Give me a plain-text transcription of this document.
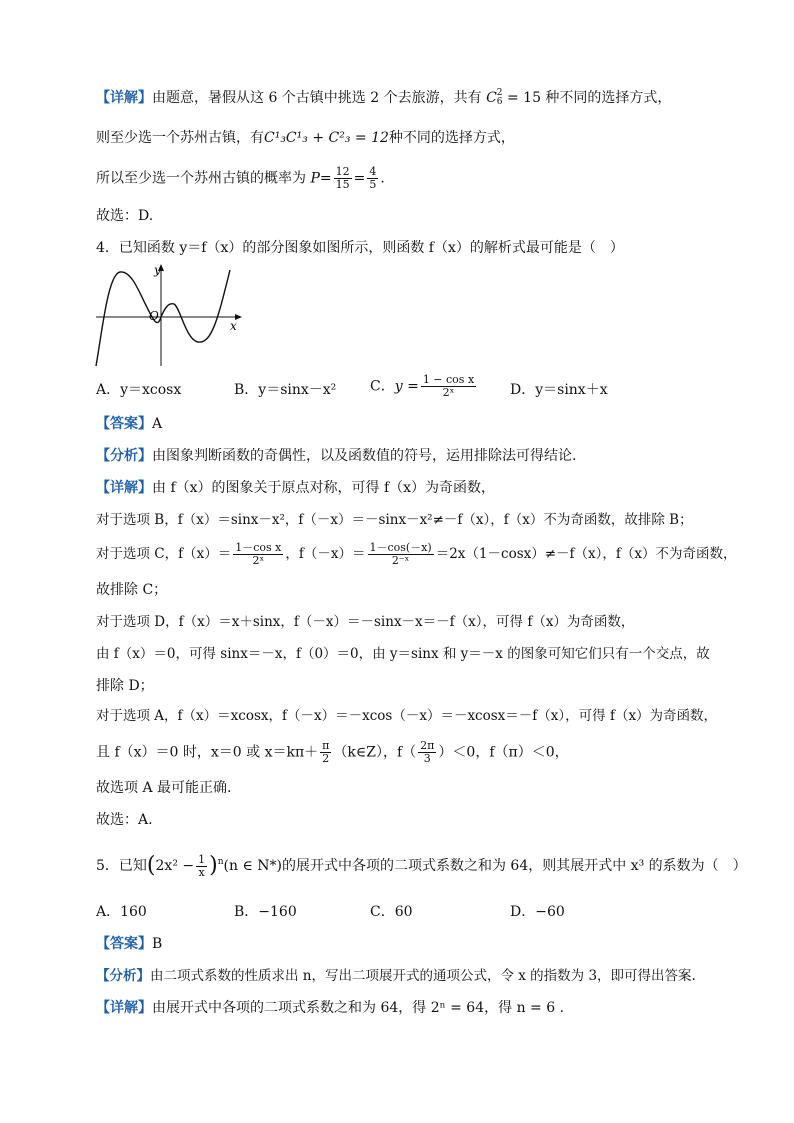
【详解】由题意，暑假从这 6 个古镇中挑选 2 个去旅游，共有 C 2
6 = 15 种不同的选择方式，
则至少选一个苏州古镇，有C¹₃C¹₃ + C²₃ = 12种不同的选择方式，
所以至少选一个苏州古镇的概率为 $P= \frac{12}{15} = \frac{4}{5}$ .
故选：D.
4．已知函数 y＝f（x）的部分图象如图所示，则函数 f（x）的解析式最可能是（　）
y
x
O
A．y＝xcosx	B．y＝sinx－x² C．$y = \frac{\text{1 − cos x}}{\text{2ˣ}}$ D．y＝sinx＋x
【答案】A
【分析】由图象判断函数的奇偶性，以及函数值的符号，运用排除法可得结论.
【详解】由 f（x）的图象关于原点对称，可得 f（x）为奇函数，
对于选项 B，f（x）＝sinx－x²，f（－x）＝－sinx－x²≠－f（x），f（x）不为奇函数，故排除 B；
对于选项 C，$f(x)= \frac{\text{1－cos x}}{\text{2ˣ}}$ ，$f(-x)= \frac{1-\cos(-x)}{\text{2⁻ˣ}} =2x(1-\cos x)\ne-f(x)$，f（x）不为奇函数，
故排除 C；
对于选项 D，f（x）＝x＋sinx，f（－x）＝－sinx－x＝－f（x），可得 f（x）为奇函数，
由 f（x）＝0，可得 sinx＝－x，f（0）＝0，由 y＝sinx 和 y＝－x 的图象可知它们只有一个交点，故
排除 D；
对于选项 A，f（x）＝xcosx，f（－x）＝－xcos（－x）＝－xcosx＝－f（x），可得 f（x）为奇函数，
且 f（x）＝0 时，x＝0 或 $x=k\pi+ \frac{\pi}{2}$ （k∈Z），$f( \frac{2\pi}{3} )<0$，f（π）＜0，
故选项 A 最可能正确.
故选：A.
5．已知$(2x^2 - \frac{1}{x} )^n(n$ ∈ N*)的展开式中各项的二项式系数之和为 64，则其展开式中 x³ 的系数为（　）
A．160	B．−160	C．60	D．−60
【答案】B
【分析】由二项式系数的性质求出 n，写出二项展开式的通项公式，令 x 的指数为 3，即可得出答案.
【详解】由展开式中各项的二项式系数之和为 64，得 2ⁿ = 64，得 n = 6 .
